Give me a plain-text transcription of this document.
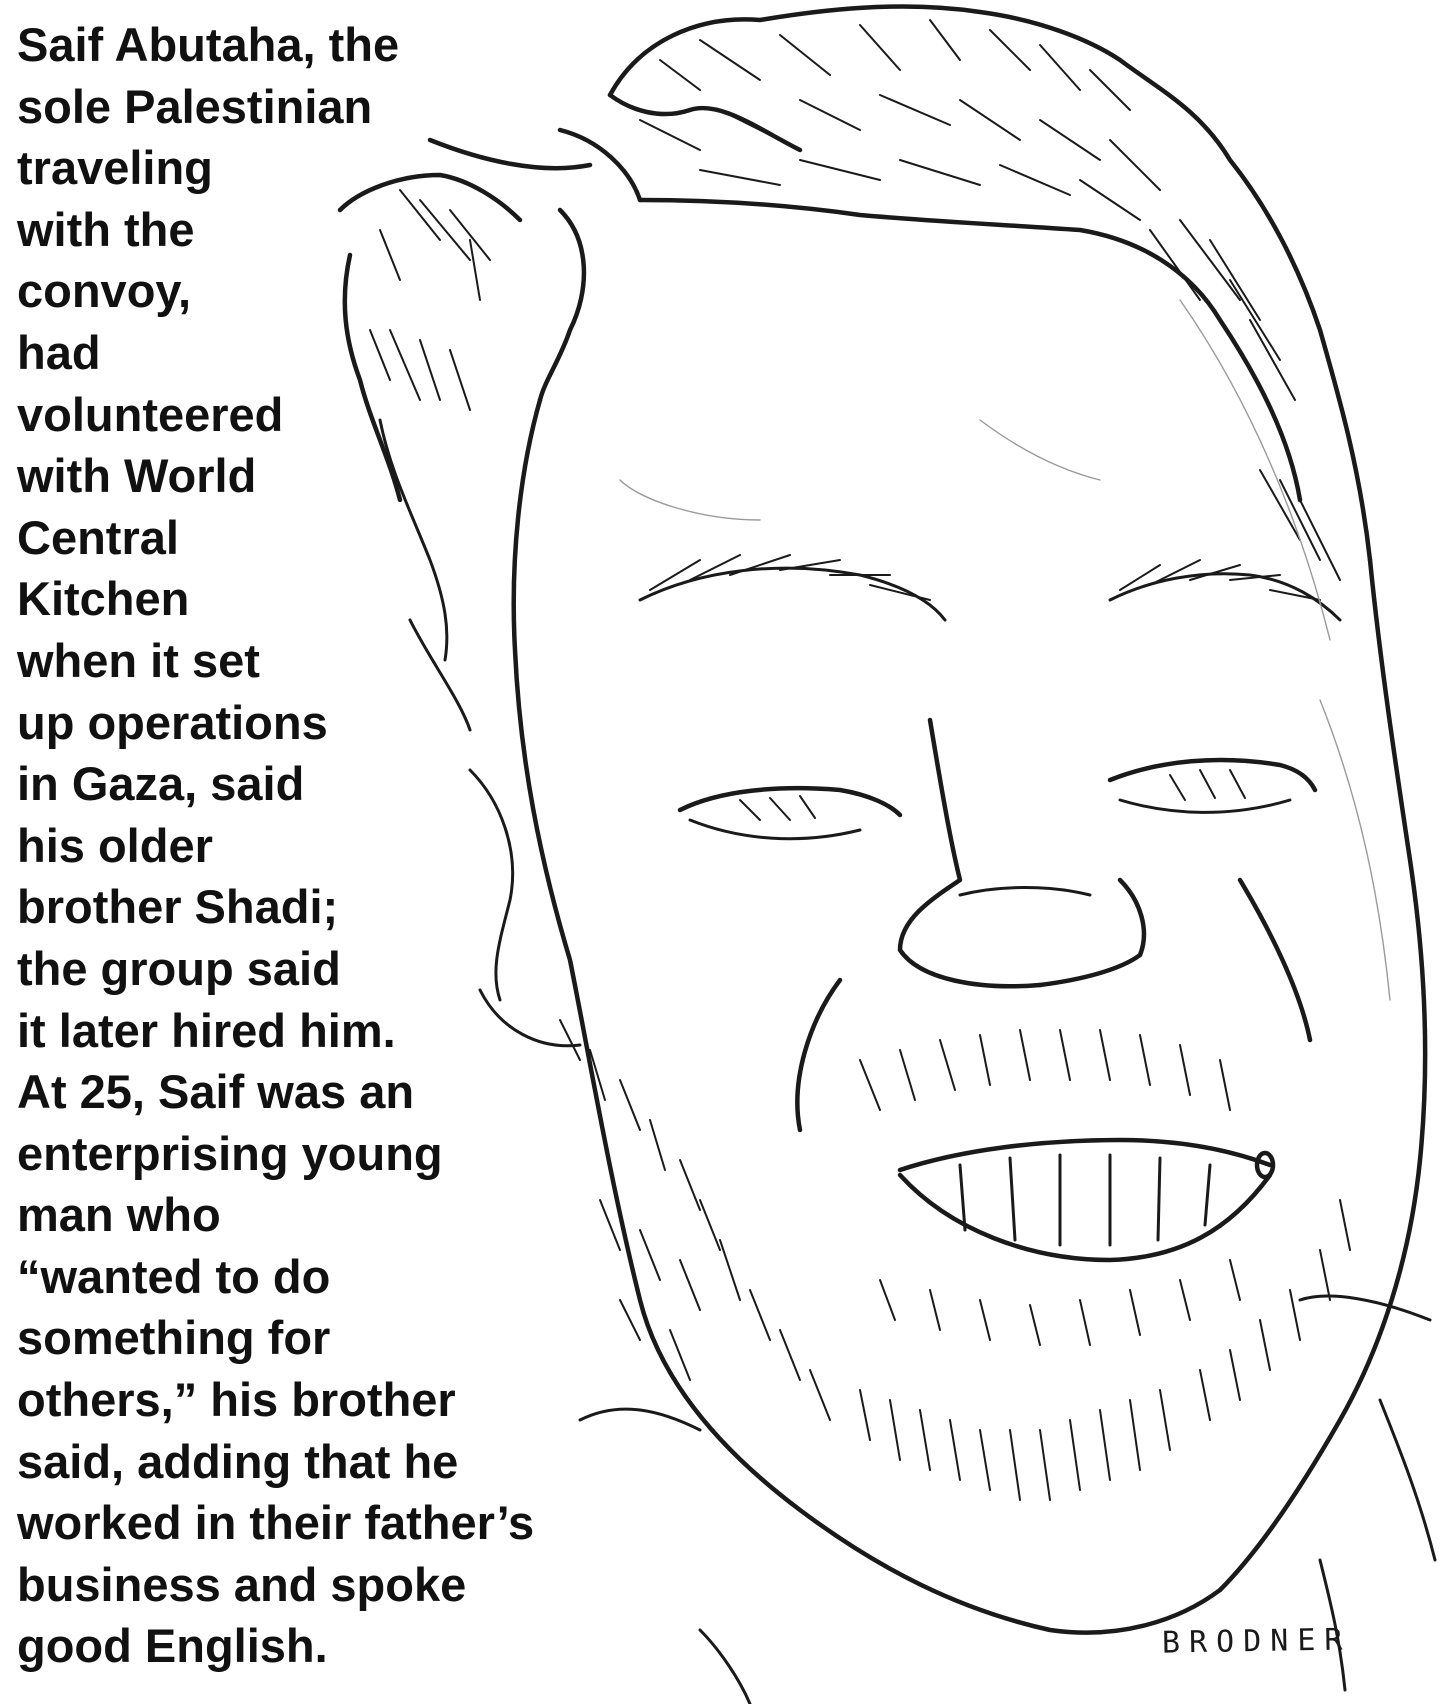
Saif Abutaha, the
sole Palestinian
traveling
with the
convoy,
had
volunteered
with World
Central
Kitchen
when it set
up operations
in Gaza, said
his older
brother Shadi;
the group said
it later hired him.
At 25, Saif was an
enterprising young
man who
“wanted to do
something for
others,” his brother
said, adding that he
worked in their father’s
business and spoke
good English.	BRODNER
